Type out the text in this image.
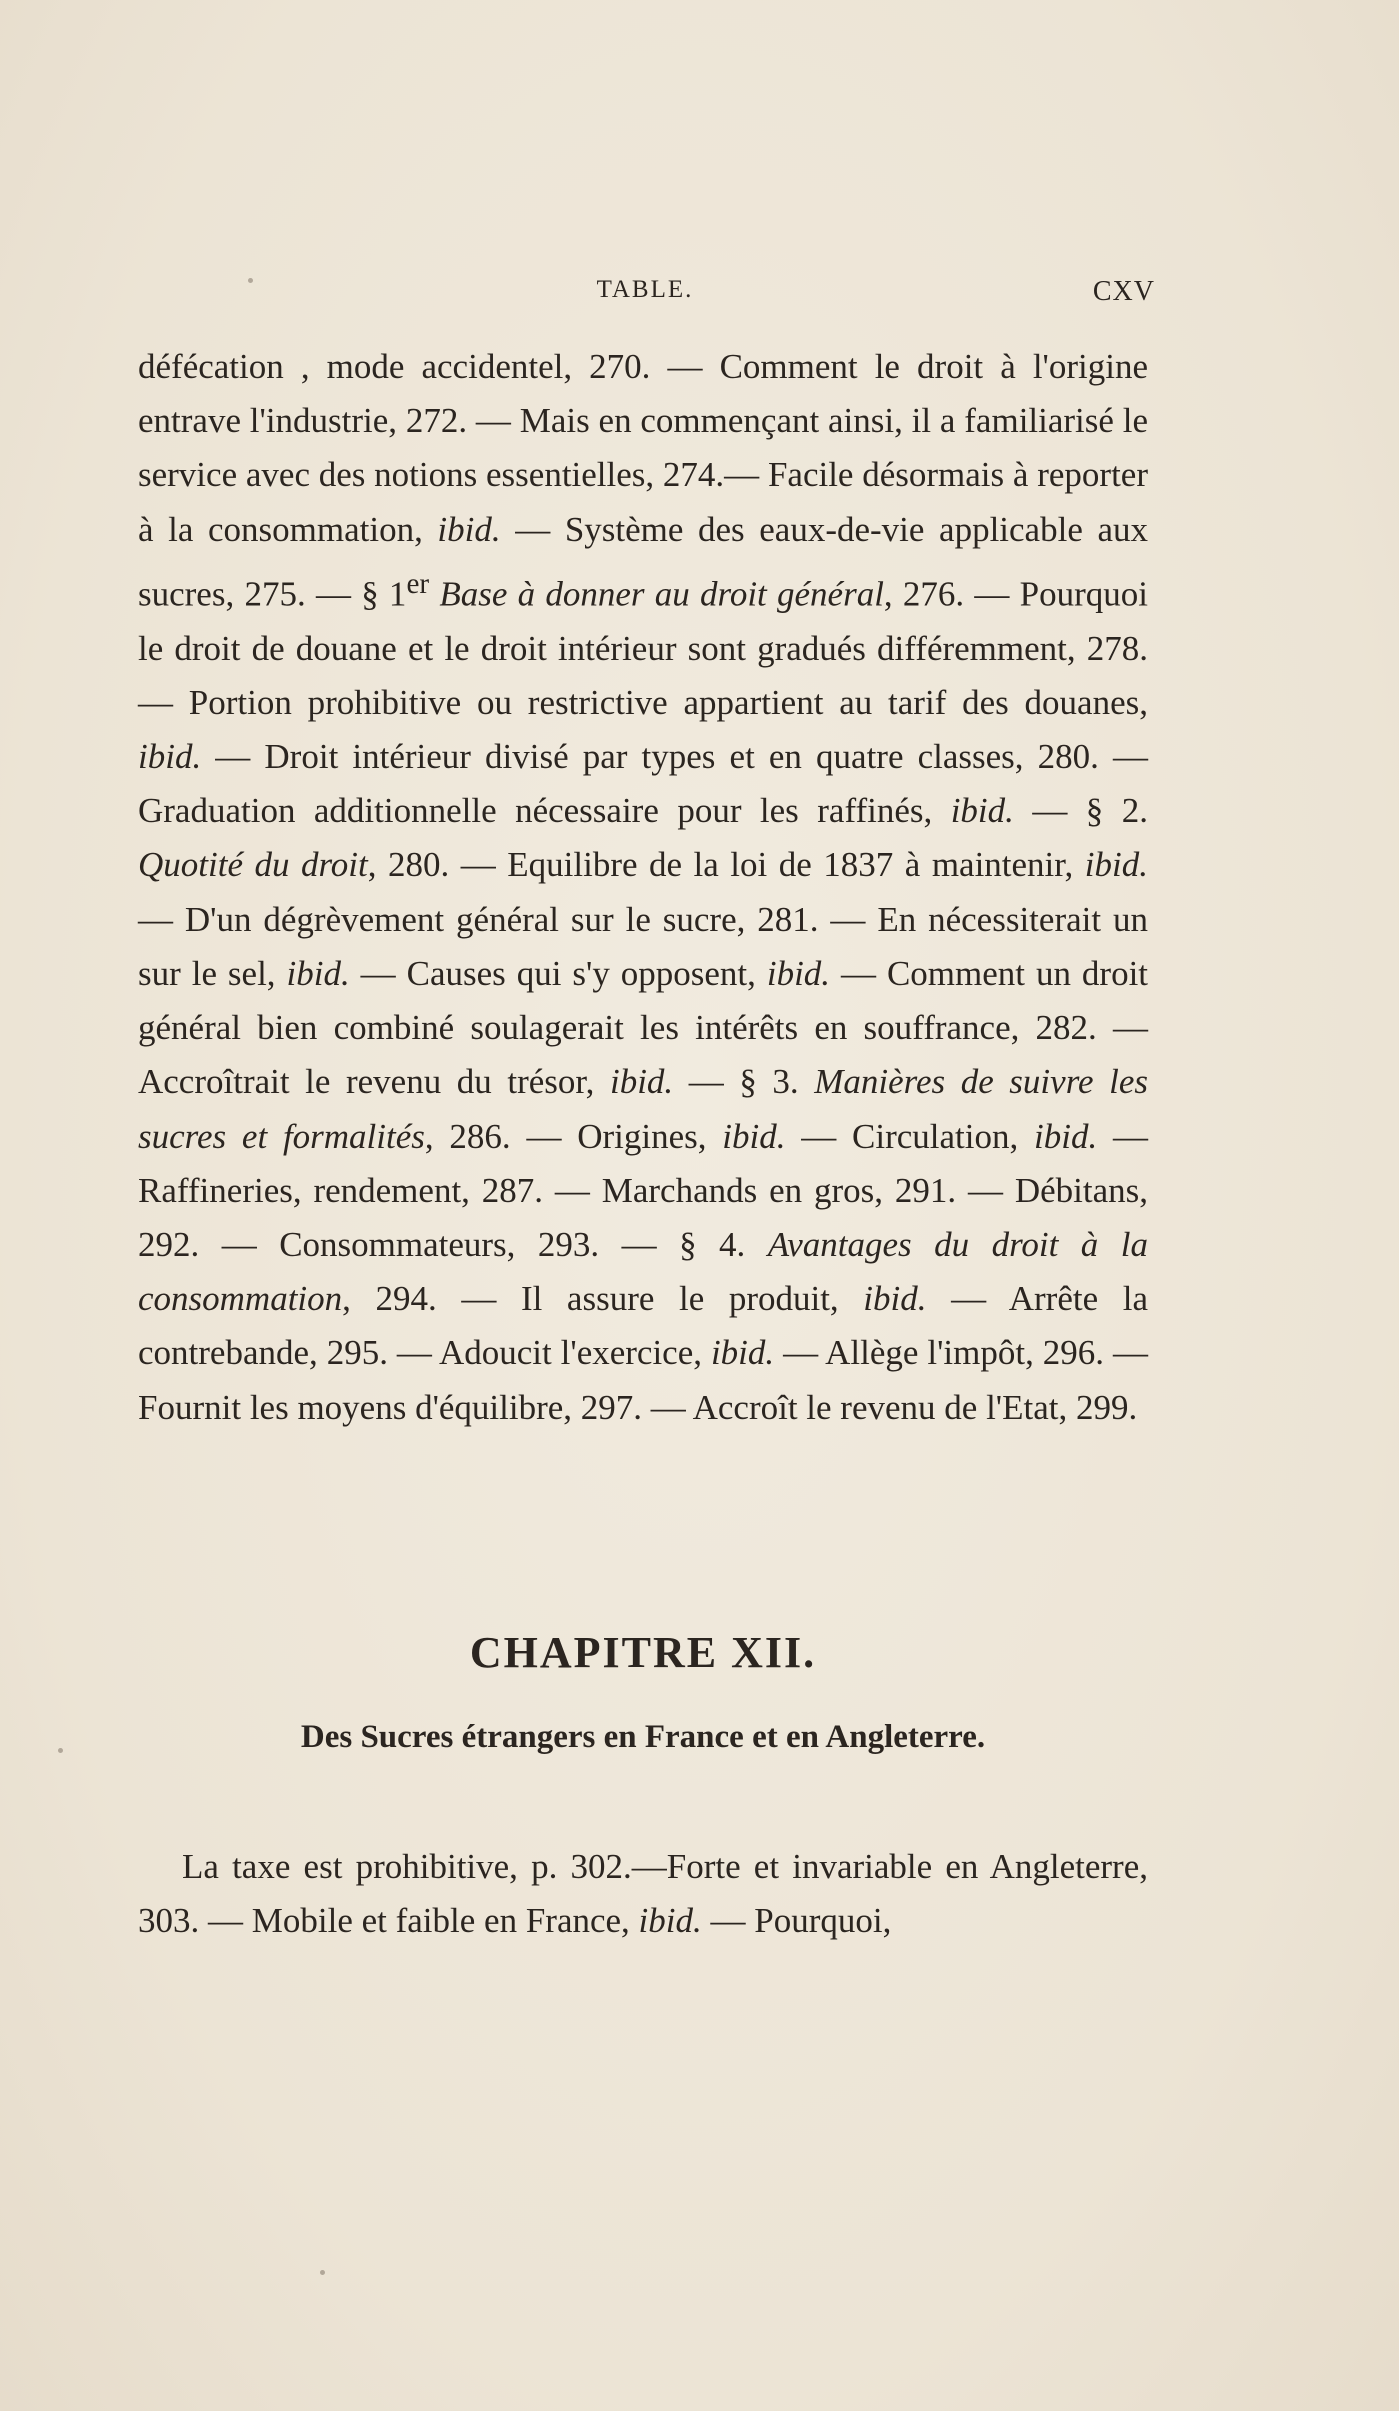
TABLE.	CXV

défécation , mode accidentel, 270. — Comment le droit à l'origine entrave l'industrie, 272. — Mais en commençant ainsi, il a familiarisé le service avec des notions essentielles, 274.— Facile désormais à reporter à la consommation, ibid. — Système des eaux-de-vie applicable aux sucres, 275. — § 1er Base à donner au droit général, 276. — Pourquoi le droit de douane et le droit intérieur sont gradués différemment, 278. — Portion prohibitive ou restrictive appartient au tarif des douanes, ibid. — Droit intérieur divisé par types et en quatre classes, 280. — Graduation additionnelle nécessaire pour les raffinés, ibid. — § 2. Quotité du droit, 280. — Equilibre de la loi de 1837 à maintenir, ibid. — D'un dégrèvement général sur le sucre, 281. — En nécessiterait un sur le sel, ibid. — Causes qui s'y opposent, ibid. — Comment un droit général bien combiné soulagerait les intérêts en souffrance, 282. — Accroîtrait le revenu du trésor, ibid. — § 3. Manières de suivre les sucres et formalités, 286. — Origines, ibid. — Circulation, ibid. — Raffineries, rendement, 287. — Marchands en gros, 291. — Débitans, 292. — Consommateurs, 293. — § 4. Avantages du droit à la consommation, 294. — Il assure le produit, ibid. — Arrête la contrebande, 295. — Adoucit l'exercice, ibid. — Allège l'impôt, 296. — Fournit les moyens d'équilibre, 297. — Accroît le revenu de l'Etat, 299.

CHAPITRE XII.
Des Sucres étrangers en France et en Angleterre.

La taxe est prohibitive, p. 302.—Forte et invariable en Angleterre, 303. — Mobile et faible en France, ibid. — Pourquoi,
